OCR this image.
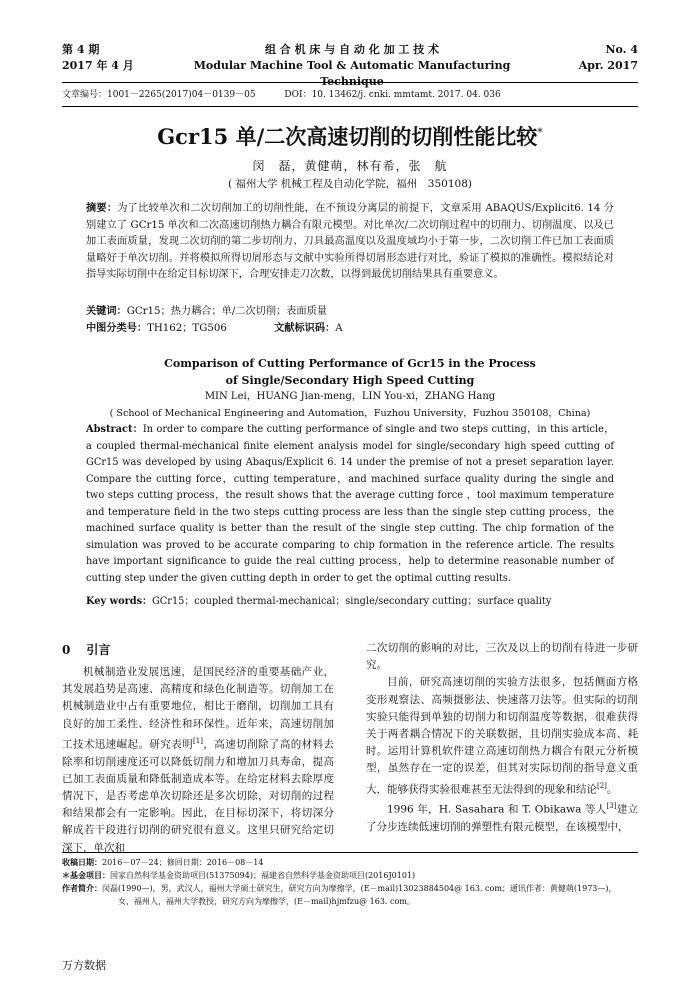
第 4 期
2017 年 4 月
组 合 机 床 与 自 动 化 加 工 技 术
Modular Machine Tool & Automatic Manufacturing Technique
No. 4
Apr. 2017
文章编号：1001－2265(2017)04－0139－05	DOI：10. 13462/j. cnki. mmtamt. 2017. 04. 036
Gcr15 单/二次高速切削的切削性能比较*
闵　磊，黄健萌，林有希，张　航
( 福州大学 机械工程及自动化学院，福州　350108)
摘要：为了比较单次和二次切削加工的切削性能，在不预设分离层的前提下，文章采用 ABAQUS/Explicit6. 14 分别建立了 GCr15 单次和二次高速切削热力耦合有限元模型。对比单次/二次切削过程中的切削力、切削温度、以及已加工表面质量，发现二次切削的第二步切削力、刀具最高温度以及温度域均小于第一步，二次切削工件已加工表面质量略好于单次切削。并将模拟所得切屑形态与文献中实验所得切屑形态进行对比，验证了模拟的准确性。模拟结论对指导实际切削中在给定目标切深下，合理安排走刀次数，以得到最优切削结果具有重要意义。
关键词：GCr15；热力耦合；单/二次切削；表面质量
中图分类号：TH162；TG506	文献标识码：A
Comparison of Cutting Performance of Gcr15 in the Process
of Single/Secondary High Speed Cutting
MIN Lei，HUANG Jian-meng，LIN You-xi，ZHANG Hang
( School of Mechanical Engineering and Automation，Fuzhou University，Fuzhou 350108，China)
Abstract：In order to compare the cutting performance of single and two steps cutting，in this article，a coupled thermal-mechanical finite element analysis model for single/secondary high speed cutting of GCr15 was developed by using Abaqus/Explicit 6. 14 under the premise of not a preset separation layer. Compare the cutting force，cutting temperature，and machined surface quality during the single and two steps cutting process，the result shows that the average cutting force ，tool maximum temperature and temperature field in the two steps cutting process are less than the single step cutting process，the machined surface quality is better than the result of the single step cutting. The chip formation of the simulation was proved to be accurate comparing to chip formation in the reference article. The results have important significance to guide the real cutting process，help to determine reasonable number of cutting step under the given cutting depth in order to get the optimal cutting results.
Key words：GCr15；coupled thermal-mechanical；single/secondary cutting；surface quality
0 引言

机械制造业发展迅速，是国民经济的重要基础产业，其发展趋势是高速、高精度和绿色化制造等。切削加工在机械制造业中占有重要地位，相比于磨削，切削加工具有良好的加工柔性、经济性和环保性。近年来，高速切削加工技术迅速崛起。研究表明[1]，高速切削除了高的材料去除率和切削速度还可以降低切削力和增加刀具寿命，提高已加工表面质量和降低制造成本等。在给定材料去除厚度情况下，是否考虑单次切除还是多次切除，对切削的过程和结果都会有一定影响。因此，在目标切深下，将切深分解成若干段进行切削的研究很有意义。这里只研究给定切深下，单次和

二次切削的影响的对比，三次及以上的切削有待进一步研究。

目前，研究高速切削的实验方法很多，包括侧面方格变形观察法、高频摄影法、快速落刀法等。但实际的切削实验只能得到单独的切削力和切削温度等数据，很难获得关于两者耦合情况下的关联数据，且切削实验成本高、耗时。运用计算机软件建立高速切削热力耦合有限元分析模型，虽然存在一定的误差，但其对实际切削的指导意义重大，能够获得实验很难甚至无法得到的现象和结论[2]。

1996 年，H. Sasahara 和 T. Obikawa 等人[3]建立了分步连续低速切削的弹塑性有限元模型，在该模型中，

收稿日期：2016－07－24；修回日期：2016－08－14
＊基金项目：国家自然科学基金资助项目(51375094)；福建省自然科学基金资助项目(2016J0101)
作者简介：闵磊(1990—)，男，武汉人，福州大学硕士研究生，研究方向为摩擦学，(E－mail)13023884504@ 163. com；通讯作者：黄健萌(1973—)，
女，福州人，福州大学教授，研究方向为摩擦学，(E－mail)hjmfzu@ 163. com。
万方数据
